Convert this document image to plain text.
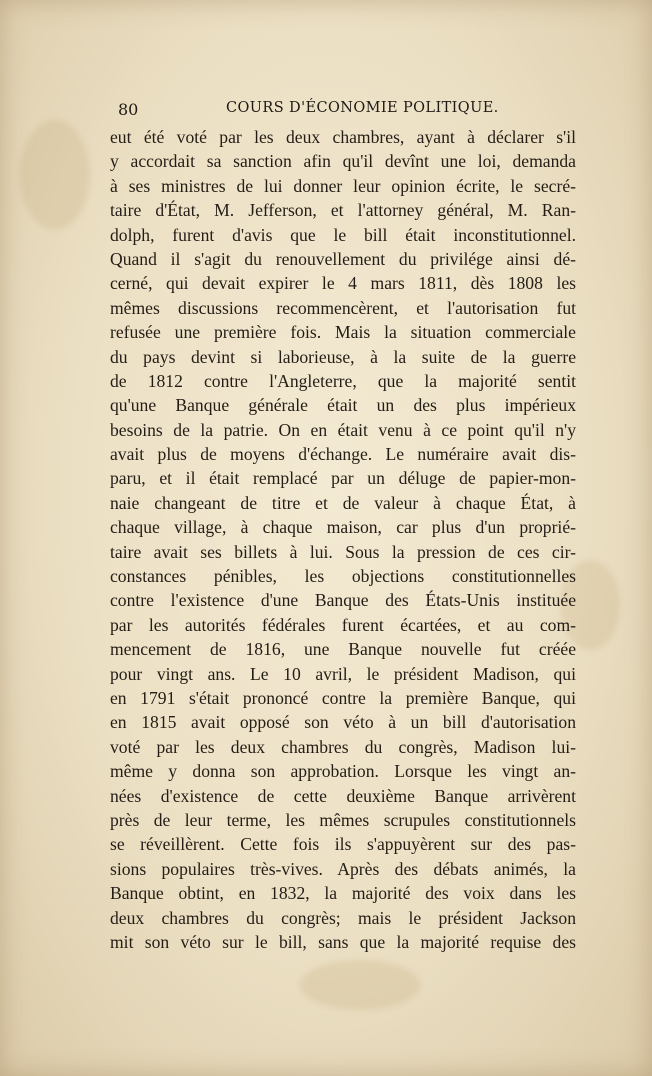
80	COURS D'ÉCONOMIE POLITIQUE.
eut été voté par les deux chambres, ayant à déclarer s'il
y accordait sa sanction afin qu'il devînt une loi, demanda
à ses ministres de lui donner leur opinion écrite, le secré-
taire d'État, M. Jefferson, et l'attorney général, M. Ran-
dolph, furent d'avis que le bill était inconstitutionnel.
Quand il s'agit du renouvellement du privilége ainsi dé-
cerné, qui devait expirer le 4 mars 1811, dès 1808 les
mêmes discussions recommencèrent, et l'autorisation fut
refusée une première fois. Mais la situation commerciale
du pays devint si laborieuse, à la suite de la guerre
de 1812 contre l'Angleterre, que la majorité sentit
qu'une Banque générale était un des plus impérieux
besoins de la patrie. On en était venu à ce point qu'il n'y
avait plus de moyens d'échange. Le numéraire avait dis-
paru, et il était remplacé par un déluge de papier-mon-
naie changeant de titre et de valeur à chaque État, à
chaque village, à chaque maison, car plus d'un proprié-
taire avait ses billets à lui. Sous la pression de ces cir-
constances pénibles, les objections constitutionnelles
contre l'existence d'une Banque des États-Unis instituée
par les autorités fédérales furent écartées, et au com-
mencement de 1816, une Banque nouvelle fut créée
pour vingt ans. Le 10 avril, le président Madison, qui
en 1791 s'était prononcé contre la première Banque, qui
en 1815 avait opposé son véto à un bill d'autorisation
voté par les deux chambres du congrès, Madison lui-
même y donna son approbation. Lorsque les vingt an-
nées d'existence de cette deuxième Banque arrivèrent
près de leur terme, les mêmes scrupules constitutionnels
se réveillèrent. Cette fois ils s'appuyèrent sur des pas-
sions populaires très-vives. Après des débats animés, la
Banque obtint, en 1832, la majorité des voix dans les
deux chambres du congrès; mais le président Jackson
mit son véto sur le bill, sans que la majorité requise des
